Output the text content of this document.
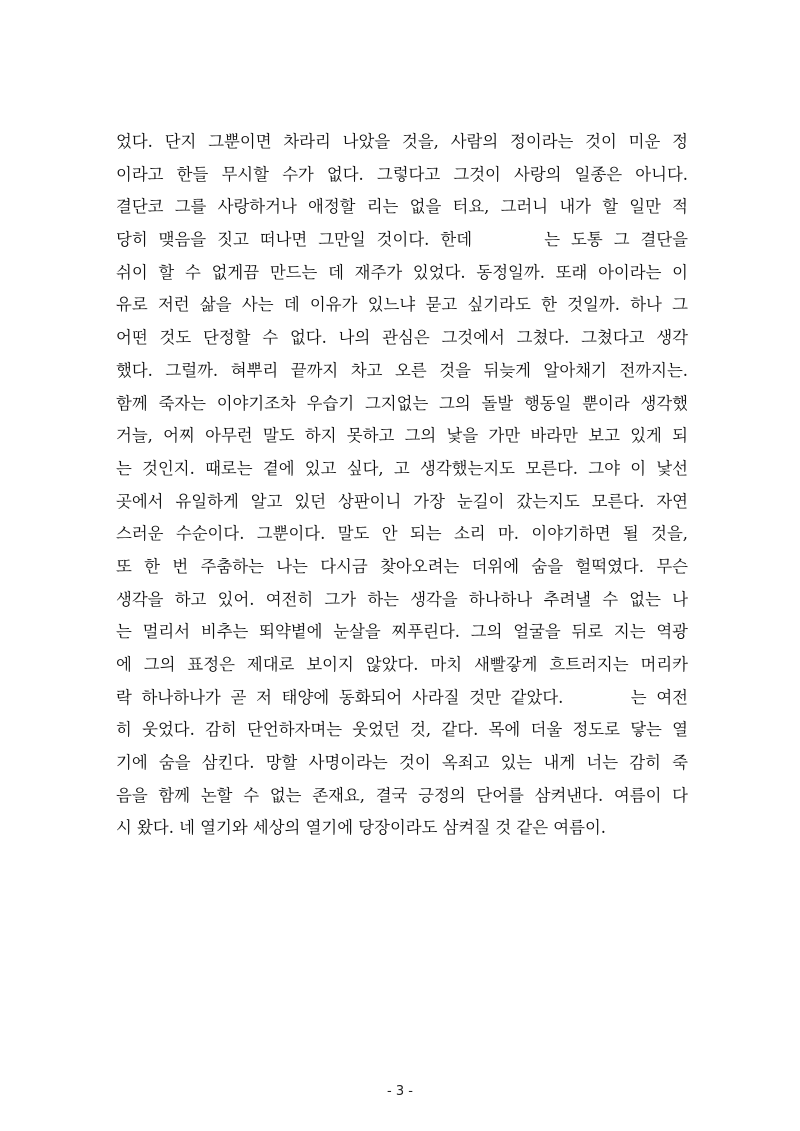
었다. 단지 그뿐이면 차라리 나았을 것을, 사람의 정이라는 것이 미운 정
이라고 한들 무시할 수가 없다. 그렇다고 그것이 사랑의 일종은 아니다.
결단코 그를 사랑하거나 애정할 리는 없을 터요, 그러니 내가 할 일만 적
당히 맺음을 짓고 떠나면 그만일 것이다. 한데　　　는 도통 그 결단을
쉬이 할 수 없게끔 만드는 데 재주가 있었다. 동정일까. 또래 아이라는 이
유로 저런 삶을 사는 데 이유가 있느냐 묻고 싶기라도 한 것일까. 하나 그
어떤 것도 단정할 수 없다. 나의 관심은 그것에서 그쳤다. 그쳤다고 생각
했다. 그럴까. 혀뿌리 끝까지 차고 오른 것을 뒤늦게 알아채기 전까지는.
함께 죽자는 이야기조차 우습기 그지없는 그의 돌발 행동일 뿐이라 생각했
거늘, 어찌 아무런 말도 하지 못하고 그의 낯을 가만 바라만 보고 있게 되
는 것인지. 때로는 곁에 있고 싶다, 고 생각했는지도 모른다. 그야 이 낯선
곳에서 유일하게 알고 있던 상판이니 가장 눈길이 갔는지도 모른다. 자연
스러운 수순이다. 그뿐이다. 말도 안 되는 소리 마. 이야기하면 될 것을,
또 한 번 주춤하는 나는 다시금 찾아오려는 더위에 숨을 헐떡였다. 무슨
생각을 하고 있어. 여전히 그가 하는 생각을 하나하나 추려낼 수 없는 나
는 멀리서 비추는 뙤약볕에 눈살을 찌푸린다. 그의 얼굴을 뒤로 지는 역광
에 그의 표정은 제대로 보이지 않았다. 마치 새빨갛게 흐트러지는 머리카
락 하나하나가 곧 저 태양에 동화되어 사라질 것만 같았다.　　　는 여전
히 웃었다. 감히 단언하자며는 웃었던 것, 같다. 목에 더울 정도로 닿는 열
기에 숨을 삼킨다. 망할 사명이라는 것이 옥죄고 있는 내게 너는 감히 죽
음을 함께 논할 수 없는 존재요, 결국 긍정의 단어를 삼켜낸다. 여름이 다
시 왔다. 네 열기와 세상의 열기에 당장이라도 삼켜질 것 같은 여름이.
- 3 -
